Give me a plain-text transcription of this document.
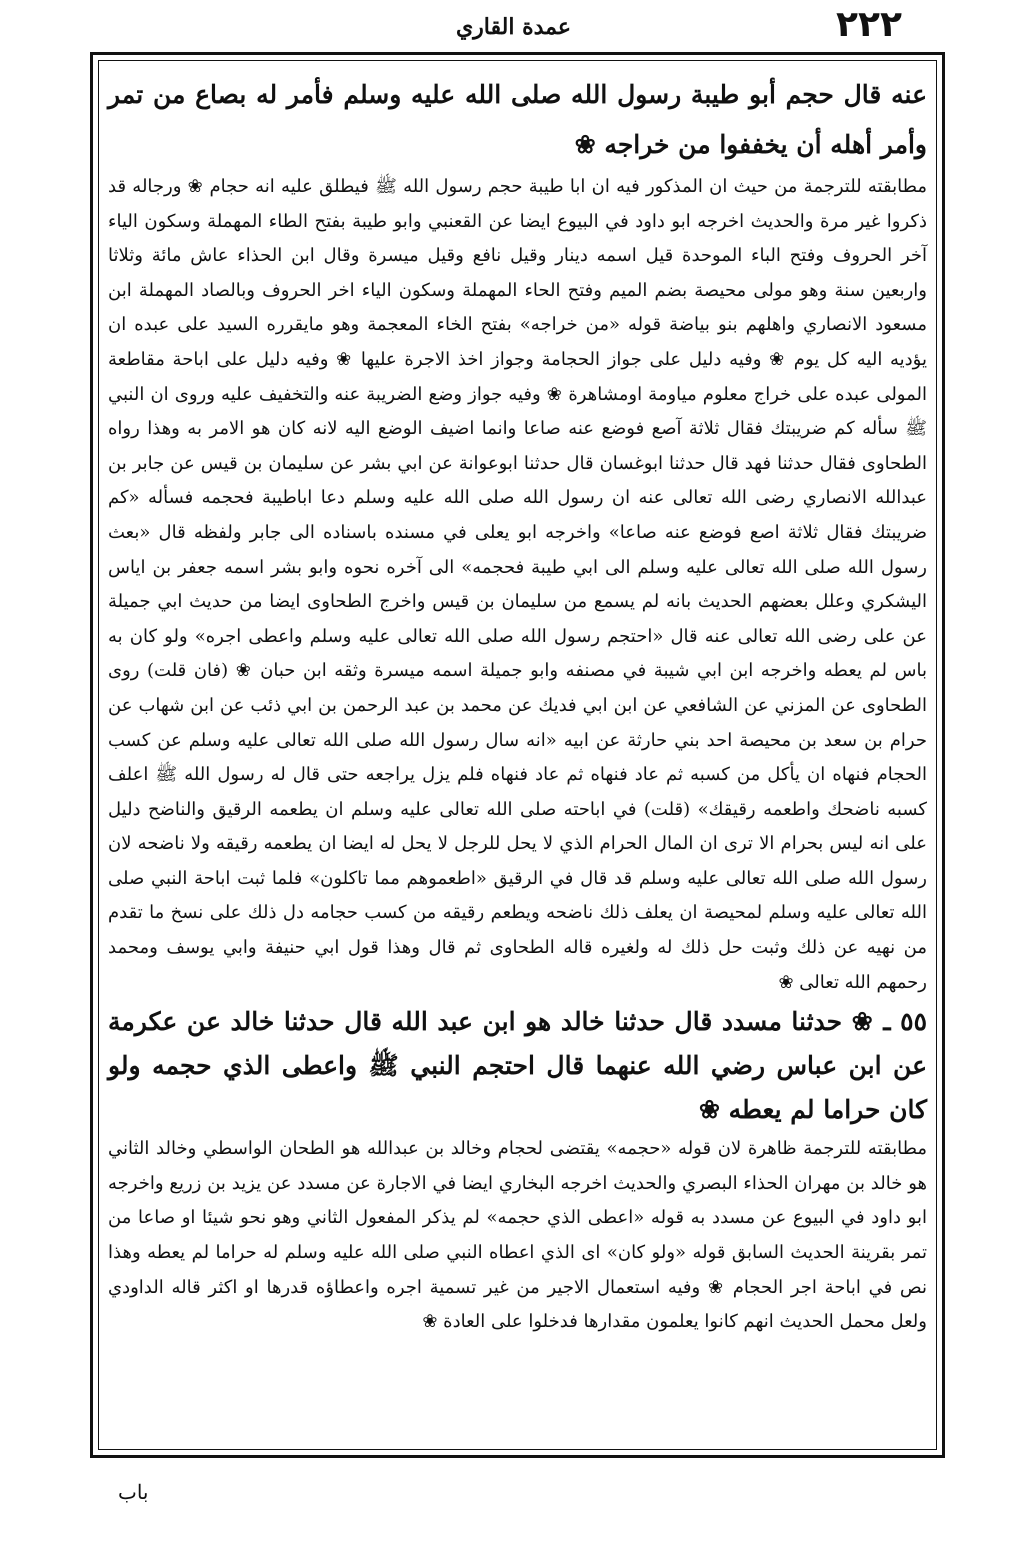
عمدة القاري	٢٢٢

عنه قال حجم أبو طيبة رسول الله صلى الله عليه وسلم فأمر له بصاع من تمر وأمر أهله أن يخففوا من خراجه ❀

مطابقته للترجمة من حيث ان المذكور فيه ان ابا طيبة حجم رسول الله ﷺ فيطلق عليه انه حجام ❀ ورجاله قد ذكروا غير مرة والحديث اخرجه ابو داود في البيوع ايضا عن القعنبي وابو طيبة بفتح الطاء المهملة وسكون الياء آخر الحروف وفتح الباء الموحدة قيل اسمه دينار وقيل نافع وقيل ميسرة وقال ابن الحذاء عاش مائة وثلاثا واربعين سنة وهو مولى محيصة بضم الميم وفتح الحاء المهملة وسكون الياء اخر الحروف وبالصاد المهملة ابن مسعود الانصاري واهلهم بنو بياضة قوله «من خراجه» بفتح الخاء المعجمة وهو مايقرره السيد على عبده ان يؤديه اليه كل يوم ❀ وفيه دليل على جواز الحجامة وجواز اخذ الاجرة عليها ❀ وفيه دليل على اباحة مقاطعة المولى عبده على خراج معلوم مياومة اومشاهرة ❀ وفيه جواز وضع الضريبة عنه والتخفيف عليه وروى ان النبي ﷺ سأله كم ضريبتك فقال ثلاثة آصع فوضع عنه صاعا وانما اضيف الوضع اليه لانه كان هو الامر به وهذا رواه الطحاوى فقال حدثنا فهد قال حدثنا ابوغسان قال حدثنا ابوعوانة عن ابي بشر عن سليمان بن قيس عن جابر بن عبدالله الانصاري رضى الله تعالى عنه ان رسول الله صلى الله عليه وسلم دعا اباطيبة فحجمه فسأله «كم ضريبتك فقال ثلاثة اصع فوضع عنه صاعا» واخرجه ابو يعلى في مسنده باسناده الى جابر ولفظه قال «بعث رسول الله صلى الله تعالى عليه وسلم الى ابي طيبة فحجمه» الى آخره نحوه وابو بشر اسمه جعفر بن اياس اليشكري وعلل بعضهم الحديث بانه لم يسمع من سليمان بن قيس واخرج الطحاوى ايضا من حديث ابي جميلة عن على رضى الله تعالى عنه قال «احتجم رسول الله صلى الله تعالى عليه وسلم واعطى اجره» ولو كان به باس لم يعطه واخرجه ابن ابي شيبة في مصنفه وابو جميلة اسمه ميسرة وثقه ابن حبان ❀ (فان قلت) روى الطحاوى عن المزني عن الشافعي عن ابن ابي فديك عن محمد بن عبد الرحمن بن ابي ذئب عن ابن شهاب عن حرام بن سعد بن محيصة احد بني حارثة عن ابيه «انه سال رسول الله صلى الله تعالى عليه وسلم عن كسب الحجام فنهاه ان يأكل من كسبه ثم عاد فنهاه ثم عاد فنهاه فلم يزل يراجعه حتى قال له رسول الله ﷺ اعلف كسبه ناضحك واطعمه رقيقك» (قلت) في اباحته صلى الله تعالى عليه وسلم ان يطعمه الرقيق والناضح دليل على انه ليس بحرام الا ترى ان المال الحرام الذي لا يحل للرجل لا يحل له ايضا ان يطعمه رقيقه ولا ناضحه لان رسول الله صلى الله تعالى عليه وسلم قد قال في الرقيق «اطعموهم مما تاكلون» فلما ثبت اباحة النبي صلى الله تعالى عليه وسلم لمحيصة ان يعلف ذلك ناضحه ويطعم رقيقه من كسب حجامه دل ذلك على نسخ ما تقدم من نهيه عن ذلك وثبت حل ذلك له ولغيره قاله الطحاوى ثم قال وهذا قول ابي حنيفة وابي يوسف ومحمد رحمهم الله تعالى ❀

٥٥ ـ ❀ حدثنا مسدد قال حدثنا خالد هو ابن عبد الله قال حدثنا خالد عن عكرمة عن ابن عباس رضي الله عنهما قال احتجم النبي ﷺ واعطى الذي حجمه ولو كان حراما لم يعطه ❀

مطابقته للترجمة ظاهرة لان قوله «حجمه» يقتضى لحجام وخالد بن عبدالله هو الطحان الواسطي وخالد الثاني هو خالد بن مهران الحذاء البصري والحديث اخرجه البخاري ايضا في الاجارة عن مسدد عن يزيد بن زريع واخرجه ابو داود في البيوع عن مسدد به قوله «اعطى الذي حجمه» لم يذكر المفعول الثاني وهو نحو شيئا او صاعا من تمر بقرينة الحديث السابق قوله «ولو كان» اى الذي اعطاه النبي صلى الله عليه وسلم له حراما لم يعطه وهذا نص في اباحة اجر الحجام ❀ وفيه استعمال الاجير من غير تسمية اجره واعطاؤه قدرها او اكثر قاله الداودي ولعل محمل الحديث انهم كانوا يعلمون مقدارها فدخلوا على العادة ❀

باب
